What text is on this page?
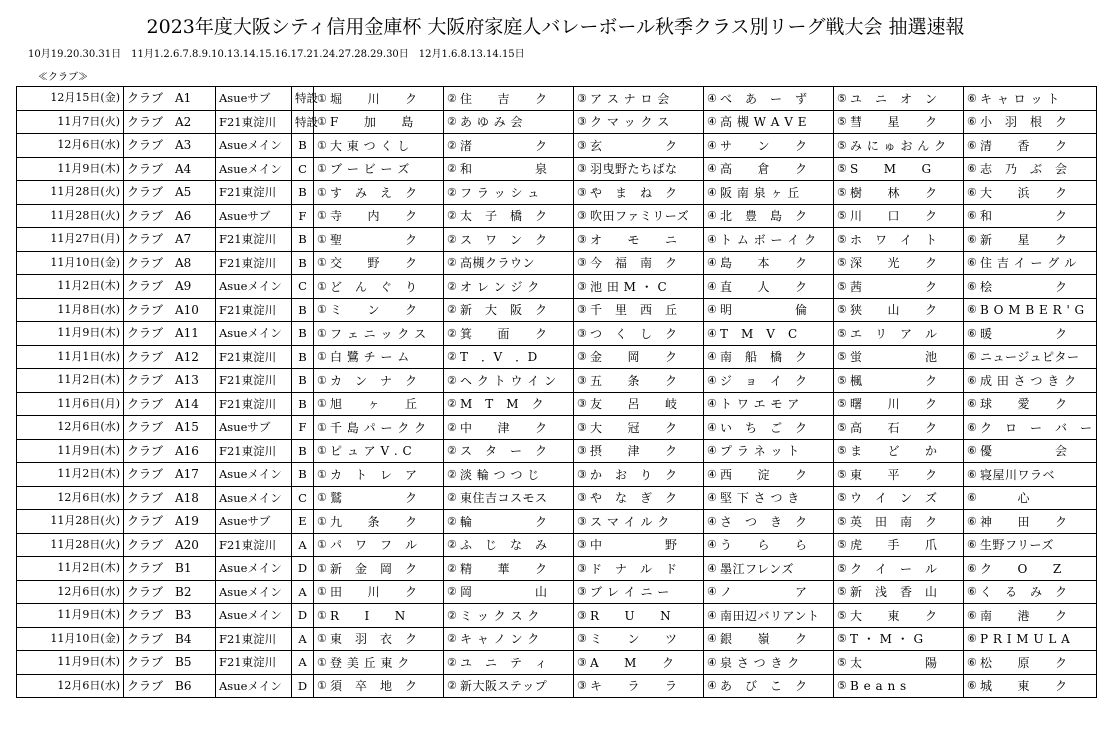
2023年度大阪シティ信用金庫杯 大阪府家庭人バレーボール秋季クラス別リーグ戦大会 抽選速報
10月19.20.30.31日　11月1.2.6.7.8.9.10.13.14.15.16.17.21.24.27.28.29.30日　12月1.6.8.13.14.15日
≪クラブ≫
12月15日(金)	クラブ　A1	Asueサブ	特設	① 堀　　川　　ク	② 住　　吉　　ク	③ ア ス ナ ロ 会	④ べ　あ　ー　ず	⑤ ユ　ニ　オ　ン	⑥ キ ャ ロ ッ ト
11月7日(火)	クラブ　A2	F21東淀川	特設	① F　　加　　島	② あ ゆ み 会	③ ク マ ッ ク ス	④ 高 槻 W A V E	⑤ 彗　　星　　ク	⑥ 小　羽　根　ク
12月6日(水)	クラブ　A3	Asueメイン	B	① 大 東 つ く し	② 渚　　　　　ク	③ 玄　　　　　ク	④ サ　　ン　　ク	⑤ み に ゅ お ん ク	⑥ 清　　香　　ク
11月9日(木)	クラブ　A4	Asueメイン	C	① ブ ー ビ ー ズ	② 和　　　　　泉	③ 羽曳野たちばな	④ 高　　倉　　ク	⑤ S　　M　　G	⑥ 志　乃　ぶ　会
11月28日(火)	クラブ　A5	F21東淀川	B	① す　み　え　ク	② フ ラ ッ シ ュ	③ や　ま　ね　ク	④ 阪 南 泉 ヶ 丘	⑤ 樹　　林　　ク	⑥ 大　　浜　　ク
11月28日(火)	クラブ　A6	Asueサブ	F	① 寺　　内　　ク	② 太　子　橋　ク	③ 吹田ファミリーズ	④ 北　豊　島　ク	⑤ 川　　口　　ク	⑥ 和　　　　　ク
11月27日(月)	クラブ　A7	F21東淀川	B	① 聖　　　　　ク	② ス　ワ　ン　ク	③ オ　　モ　　ニ	④ ト ム ボ ー イ ク	⑤ ホ　ワ　イ　ト	⑥ 新　　星　　ク
11月10日(金)	クラブ　A8	F21東淀川	B	① 交　　野　　ク	② 高槻クラウン	③ 今　福　南　ク	④ 島　　本　　ク	⑤ 深　　光　　ク	⑥ 住 吉 イ ー グ ル
11月2日(木)	クラブ　A9	Asueメイン	C	① ど　ん　ぐ　り	② オ レ ン ジ ク	③ 池 田 M ・ C	④ 直　　人　　ク	⑤ 茜　　　　　ク	⑥ 桧　　　　　ク
11月8日(水)	クラブ　A10	F21東淀川	B	① ミ　　ン　　ク	② 新　大　阪　ク	③ 千　里　西　丘	④ 明　　　　　倫	⑤ 狭　　山　　ク	⑥ B O M B E R ' G
11月9日(木)	クラブ　A11	Asueメイン	B	① フ ェ ニ ッ ク ス	② 箕　　面　　ク	③ つ　く　し　ク	④ T　M　V　C	⑤ エ　リ　ア　ル	⑥ 暖　　　　　ク
11月1日(水)	クラブ　A12	F21東淀川	B	① 白 鷺 チ ー ム	② T　．V　．D	③ 金　　岡　　ク	④ 南　船　橋　ク	⑤ 蛍　　　　　池	⑥ ニュージュピター
11月2日(木)	クラブ　A13	F21東淀川	B	① カ　ン　ナ　ク	② ヘ ク ト ウ イ ン	③ 五　　条　　ク	④ ジ　ョ　イ　ク	⑤ 楓　　　　　ク	⑥ 成 田 さ つ き ク
11月6日(月)	クラブ　A14	F21東淀川	B	① 旭　　ヶ　　丘	② M　T　M　ク	③ 友　　呂　　岐	④ ト ワ エ モ ア	⑤ 曙　　川　　ク	⑥ 球　　愛　　ク
12月6日(水)	クラブ　A15	Asueサブ	F	① 千 島 パ ー ク ク	② 中　　津　　ク	③ 大　　冠　　ク	④ い　ち　ご　ク	⑤ 高　　石　　ク	⑥ ク　ロ　ー　バ　ー
11月9日(木)	クラブ　A16	F21東淀川	B	① ピ ュ ア V . C	② ス　タ　ー　ク	③ 摂　　津　　ク	④ プ ラ ネ ッ ト	⑤ ま　　ど　　か	⑥ 優　　　　　会
11月2日(木)	クラブ　A17	Asueメイン	B	① カ　ト　レ　ア	② 淡 輪 つ つ じ	③ か　お　り　ク	④ 西　　淀　　ク	⑤ 東　　平　　ク	⑥ 寝屋川ワラベ
12月6日(水)	クラブ　A18	Asueメイン	C	① 鷲　　　　　ク	② 東住吉コスモス	③ や　な　ぎ　ク	④ 堅 下 さ つ き	⑤ ウ　イ　ン　ズ	⑥　　　心
11月28日(火)	クラブ　A19	Asueサブ	E	① 九　　条　　ク	② 輪　　　　　ク	③ ス マ イ ル ク	④ さ　つ　き　ク	⑤ 英　田　南　ク	⑥ 神　　田　　ク
11月28日(火)	クラブ　A20	F21東淀川	A	① パ　ワ　フ　ル	② ふ　じ　な　み	③ 中　　　　　野	④ う　　ら　　ら	⑤ 虎　　手　　爪	⑥ 生野フリーズ
11月2日(木)	クラブ　B1	Asueメイン	D	① 新　金　岡　ク	② 精　　華　　ク	③ ド　ナ　ル　ド	④ 墨江フレンズ	⑤ ク　イ　ー　ル	⑥ ク　　O　　Z
12月6日(水)	クラブ　B2	Asueメイン	A	① 田　　川　　ク	② 岡　　　　　山	③ ブ レ イ ニ ー	④ ノ　　　　　ア	⑤ 新　浅　香　山	⑥ く　る　み　ク
11月9日(木)	クラブ　B3	Asueメイン	D	① R　　I　　N	② ミ ッ ク ス ク	③ R　　U　　N	④ 南田辺バリアント	⑤ 大　　東　　ク	⑥ 南　　港　　ク
11月10日(金)	クラブ　B4	F21東淀川	A	① 東　羽　衣　ク	② キ ャ ノ ン ク	③ ミ　　ン　　ツ	④ 銀　　嶺　　ク	⑤ T ・ M ・ G	⑥ P R I M U L A
11月9日(木)	クラブ　B5	F21東淀川	A	① 登 美 丘 東 ク	② ユ　ニ　テ　ィ	③ A　　M　　ク	④ 泉 さ つ き ク	⑤ 太　　　　　陽	⑥ 松　　原　　ク
12月6日(水)	クラブ　B6	Asueメイン	D	① 須　卒　地　ク	② 新大阪ステップ	③ キ　　ラ　　ラ	④ あ　び　こ　ク	⑤ B e a n s	⑥ 城　　東　　ク
